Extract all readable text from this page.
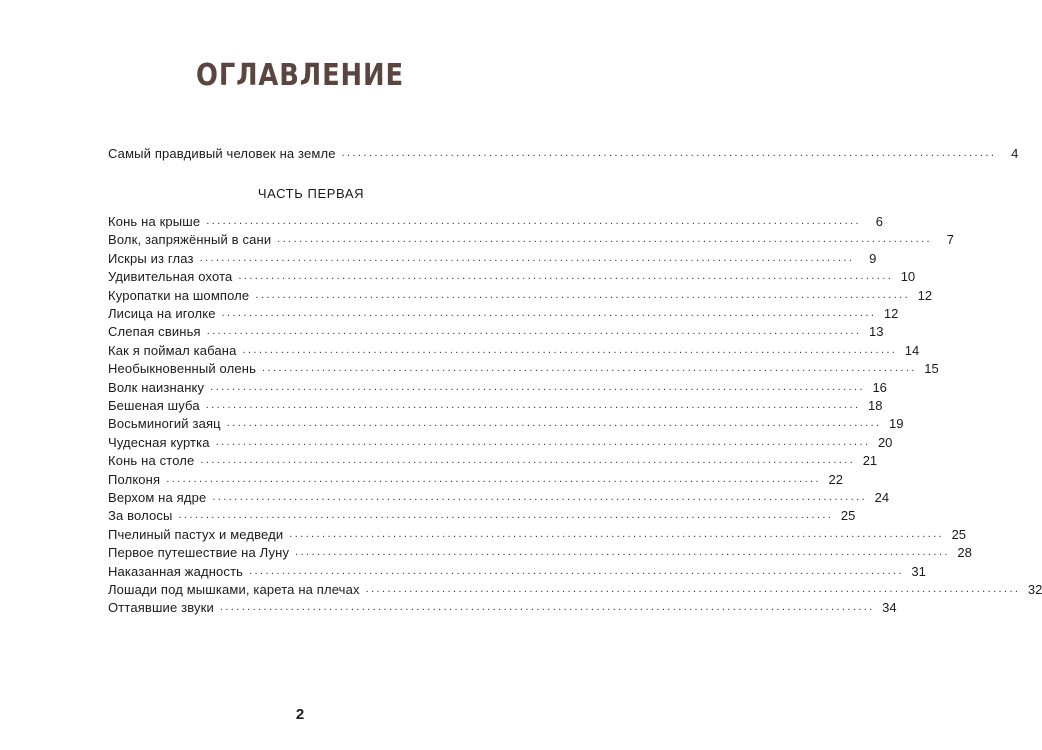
ОГЛАВЛЕНИЕ
Самый правдивый человек на земле ........................................................................................................................	4
ЧАСТЬ ПЕРВАЯ
Конь на крыше ........................................................................................................................	6
Волк, запряжённый в сани ........................................................................................................................	7
Искры из глаз ........................................................................................................................	9
Удивительная охота ........................................................................................................................ 10
Куропатки на шомполе ........................................................................................................................ 12
Лисица на иголке ........................................................................................................................ 12
Слепая свинья ........................................................................................................................ 13
Как я поймал кабана ........................................................................................................................ 14
Необыкновенный олень ........................................................................................................................ 15
Волк наизнанку ........................................................................................................................ 16
Бешеная шуба ........................................................................................................................ 18
Восьминогий заяц ........................................................................................................................ 19
Чудесная куртка ........................................................................................................................ 20
Конь на столе ........................................................................................................................ 21
Полконя ........................................................................................................................ 22
Верхом на ядре ........................................................................................................................ 24
За волосы ........................................................................................................................ 25
Пчелиный пастух и медведи ........................................................................................................................ 25
Первое путешествие на Луну ........................................................................................................................ 28
Наказанная жадность ........................................................................................................................ 31
Лошади под мышками, карета на плечах ........................................................................................................................ 32
Оттаявшие звуки ........................................................................................................................ 34
2
